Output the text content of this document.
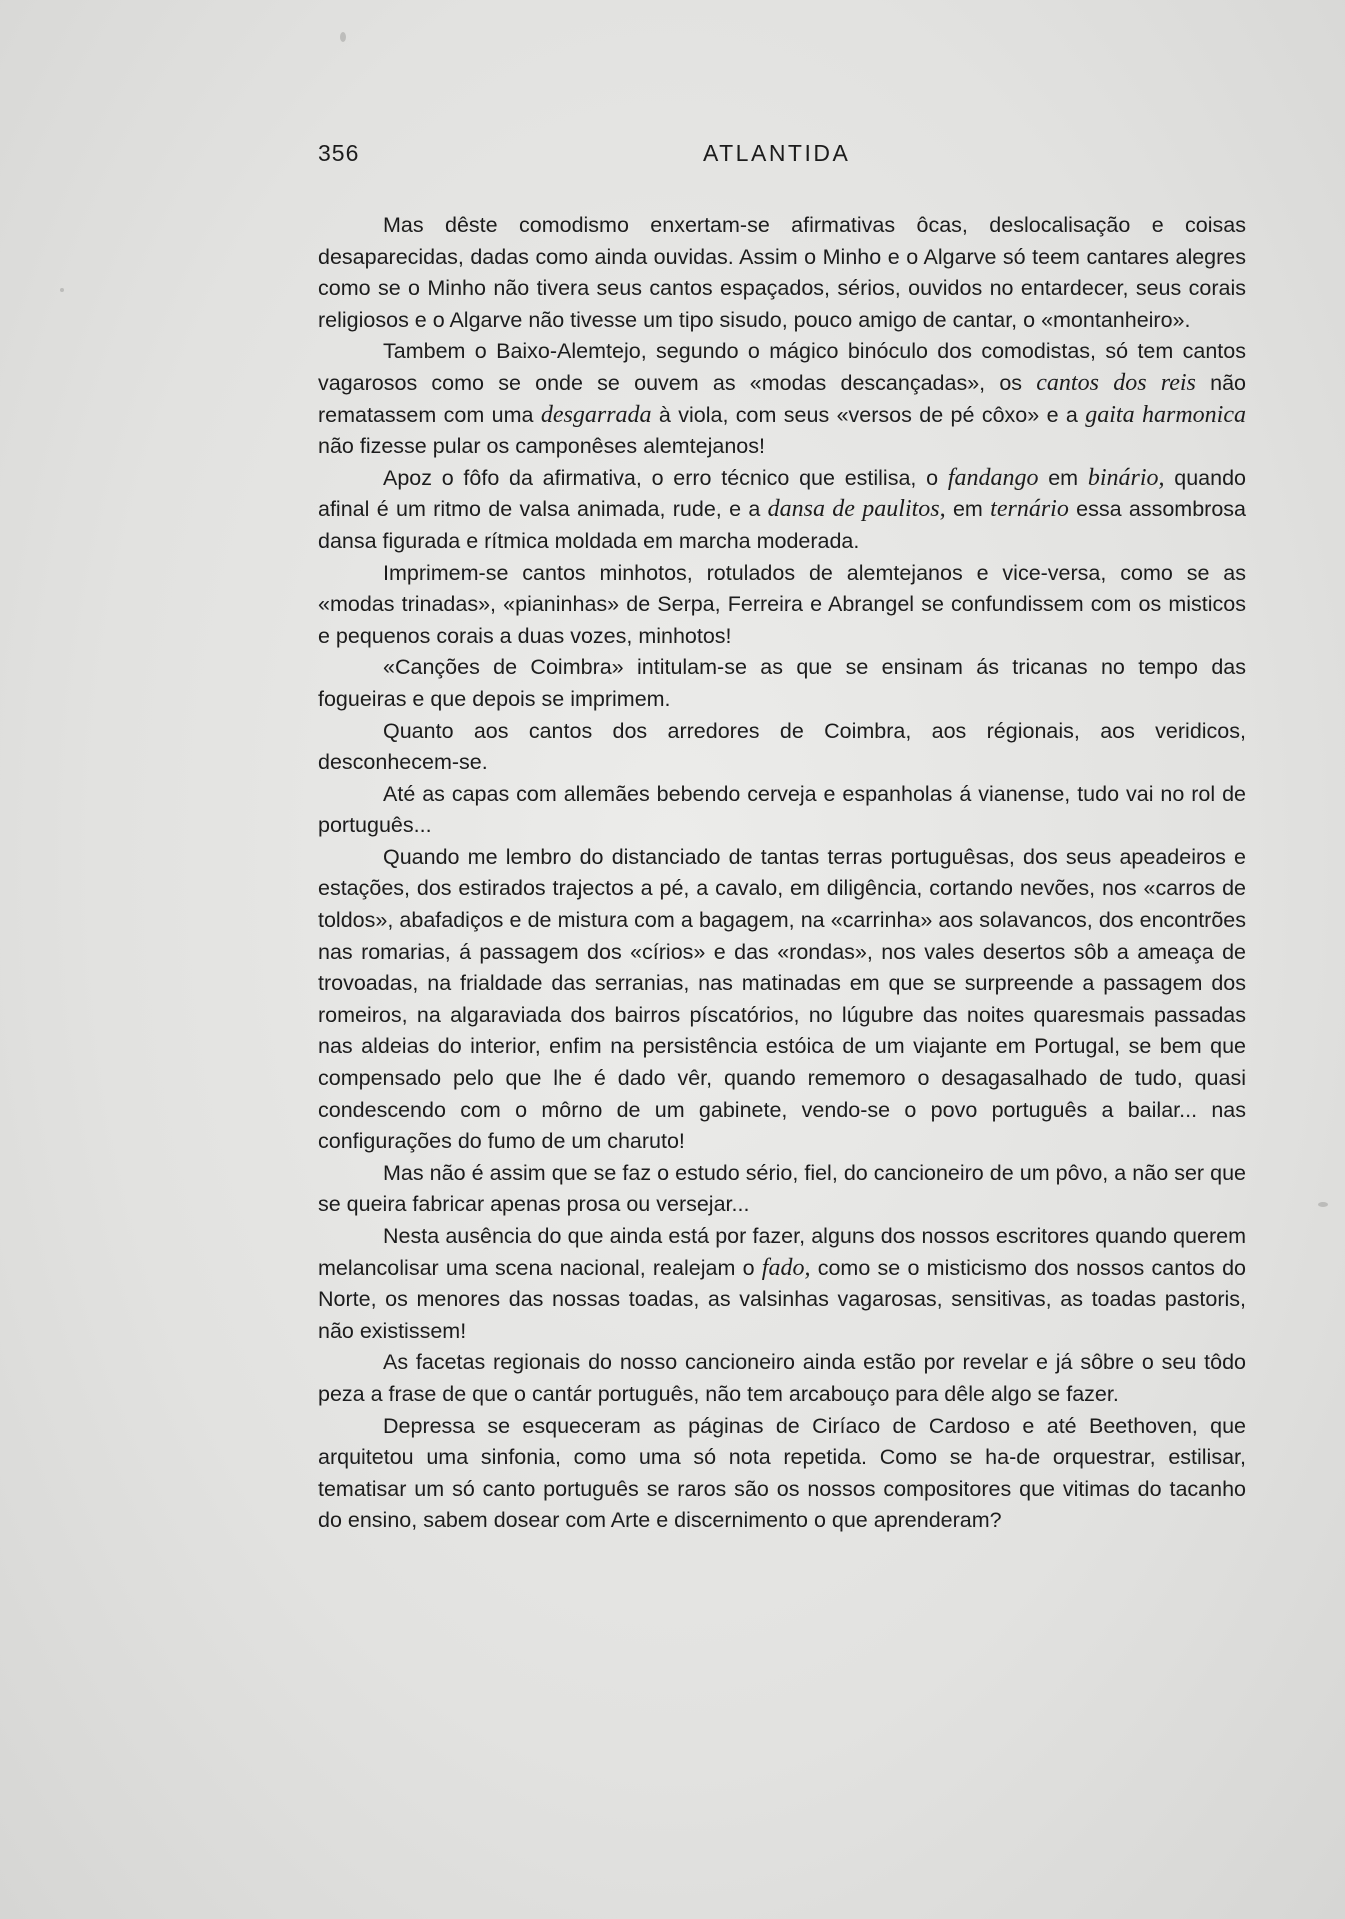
356	ATLANTIDA

Mas dêste comodismo enxertam-se afirmativas ôcas, deslocalisação e coisas desaparecidas, dadas como ainda ouvidas. Assim o Minho e o Algarve só teem cantares alegres como se o Minho não tivera seus cantos espaçados, sérios, ouvidos no entardecer, seus corais religiosos e o Algarve não tivesse um tipo sisudo, pouco amigo de cantar, o «montanheiro».

Tambem o Baixo-Alemtejo, segundo o mágico binóculo dos comodistas, só tem cantos vagarosos como se onde se ouvem as «modas descançadas», os cantos dos reis não rematassem com uma desgarrada à viola, com seus «versos de pé côxo» e a gaita harmonica não fizesse pular os camponêses alemtejanos!

Apoz o fôfo da afirmativa, o erro técnico que estilisa, o fandango em binário, quando afinal é um ritmo de valsa animada, rude, e a dansa de paulitos, em ternário essa assombrosa dansa figurada e rítmica moldada em marcha moderada.

Imprimem-se cantos minhotos, rotulados de alemtejanos e vice-versa, como se as «modas trinadas», «pianinhas» de Serpa, Ferreira e Abrangel se confundissem com os misticos e pequenos corais a duas vozes, minhotos!

«Canções de Coimbra» intitulam-se as que se ensinam ás tricanas no tempo das fogueiras e que depois se imprimem.

Quanto aos cantos dos arredores de Coimbra, aos régionais, aos veridicos, desconhecem-se.

Até as capas com allemães bebendo cerveja e espanholas á vianense, tudo vai no rol de português...

Quando me lembro do distanciado de tantas terras portuguêsas, dos seus apeadeiros e estações, dos estirados trajectos a pé, a cavalo, em diligência, cortando nevões, nos «carros de toldos», abafadiços e de mistura com a bagagem, na «carrinha» aos solavancos, dos encontrões nas romarias, á passagem dos «círios» e das «rondas», nos vales desertos sôb a ameaça de trovoadas, na frialdade das serranias, nas matinadas em que se surpreende a passagem dos romeiros, na algaraviada dos bairros píscatórios, no lúgubre das noites quaresmais passadas nas aldeias do interior, enfim na persistência estóica de um viajante em Portugal, se bem que compensado pelo que lhe é dado vêr, quando rememoro o desagasalhado de tudo, quasi condescendo com o môrno de um gabinete, vendo-se o povo português a bailar... nas configurações do fumo de um charuto!

Mas não é assim que se faz o estudo sério, fiel, do cancioneiro de um pôvo, a não ser que se queira fabricar apenas prosa ou versejar...

Nesta ausência do que ainda está por fazer, alguns dos nossos escritores quando querem melancolisar uma scena nacional, realejam o fado, como se o misticismo dos nossos cantos do Norte, os menores das nossas toadas, as valsinhas vagarosas, sensitivas, as toadas pastoris, não existissem!

As facetas regionais do nosso cancioneiro ainda estão por revelar e já sôbre o seu tôdo peza a frase de que o cantár português, não tem arcabouço para dêle algo se fazer.

Depressa se esqueceram as páginas de Ciríaco de Cardoso e até Beethoven, que arquitetou uma sinfonia, como uma só nota repetida. Como se ha-de orquestrar, estilisar, tematisar um só canto português se raros são os nossos compositores que vitimas do tacanho do ensino, sabem dosear com Arte e discernimento o que aprenderam?
